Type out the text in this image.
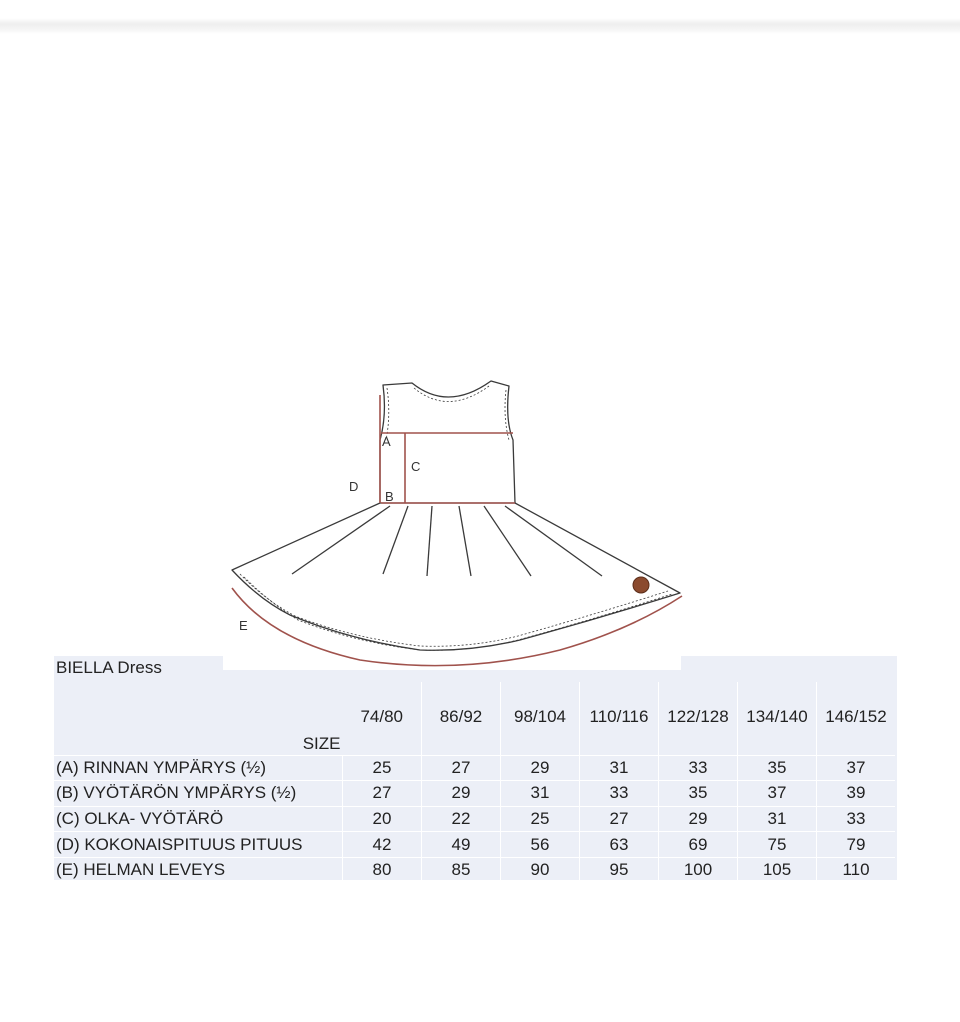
A
B
C
D
E
BIELLA Dress
SIZE	74/80	86/92	98/104	110/116	122/128	134/140	146/152
(A) RINNAN YMPÄRYS (½)	25	27	29	31	33	35	37
(B) VYÖTÄRÖN YMPÄRYS (½)	27	29	31	33	35	37	39
(C) OLKA- VYÖTÄRÖ	20	22	25	27	29	31	33
(D) KOKONAISPITUUS PITUUS	42	49	56	63	69	75	79
(E) HELMAN LEVEYS	80	85	90	95	100	105	110
